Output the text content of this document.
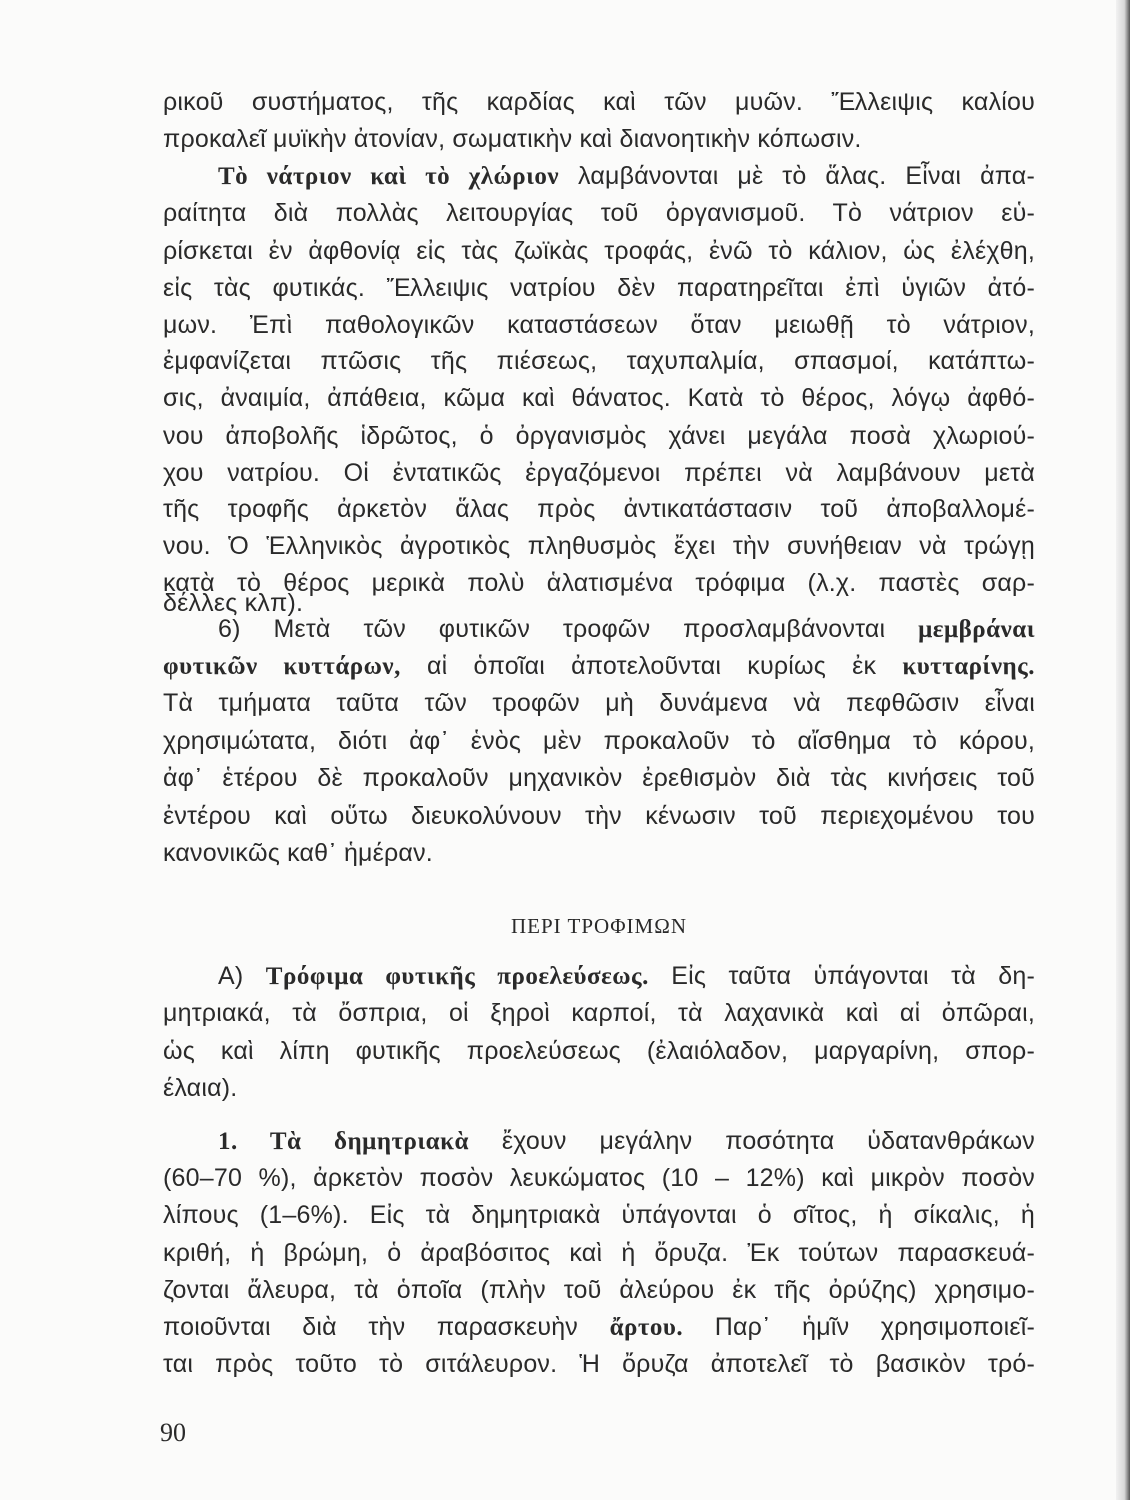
ρικοῦ συστήματος, τῆς καρδίας καὶ τῶν μυῶν. Ἔλλειψις καλίου
προκαλεῖ μυϊκὴν ἀτονίαν, σωματικὴν καὶ διανοητικὴν κόπωσιν.
Τὸ νάτριον καὶ τὸ χλώριον λαμβάνονται μὲ τὸ ἅλας. Εἶναι ἀπα-
ραίτητα διὰ πολλὰς λειτουργίας τοῦ ὀργανισμοῦ. Τὸ νάτριον εὑ-
ρίσκεται ἐν ἀφθονίᾳ εἰς τὰς ζωϊκὰς τροφάς, ἐνῶ τὸ κάλιον, ὡς ἐλέχθη,
εἰς τὰς φυτικάς. Ἔλλειψις νατρίου δὲν παρατηρεῖται ἐπὶ ὑγιῶν ἀτό-
μων. Ἐπὶ παθολογικῶν καταστάσεων ὅταν μειωθῇ τὸ νάτριον,
ἐμφανίζεται πτῶσις τῆς πιέσεως, ταχυπαλμία, σπασμοί, κατάπτω-
σις, ἀναιμία, ἀπάθεια, κῶμα καὶ θάνατος. Κατὰ τὸ θέρος, λόγῳ ἀφθό-
νου ἀποβολῆς ἱδρῶτος, ὁ ὀργανισμὸς χάνει μεγάλα ποσὰ χλωριού-
χου νατρίου. Οἱ ἐντατικῶς ἐργαζόμενοι πρέπει νὰ λαμβάνουν μετὰ
τῆς τροφῆς ἀρκετὸν ἅλας πρὸς ἀντικατάστασιν τοῦ ἀποβαλλομέ-
νου. Ὁ Ἑλληνικὸς ἀγροτικὸς πληθυσμὸς ἔχει τὴν συνήθειαν νὰ τρώγῃ
κατὰ τὸ θέρος μερικὰ πολὺ ἁλατισμένα τρόφιμα (λ.χ. παστὲς σαρ-
δέλλες κλπ).
6) Μετὰ τῶν φυτικῶν τροφῶν προσλαμβάνονται μεμβράναι
φυτικῶν κυττάρων, αἱ ὁποῖαι ἀποτελοῦνται κυρίως ἐκ κυτταρίνης.
Τὰ τμήματα ταῦτα τῶν τροφῶν μὴ δυνάμενα νὰ πεφθῶσιν εἶναι
χρησιμώτατα, διότι ἀφ᾽ ἑνὸς μὲν προκαλοῦν τὸ αἴσθημα τὸ κόρου,
ἀφ᾽ ἑτέρου δὲ προκαλοῦν μηχανικὸν ἐρεθισμὸν διὰ τὰς κινήσεις τοῦ
ἐντέρου καὶ οὕτω διευκολύνουν τὴν κένωσιν τοῦ περιεχομένου του
κανονικῶς καθ᾽ ἡμέραν.
ΠΕΡΙ ΤΡΟΦΙΜΩΝ
Α) Τρόφιμα φυτικῆς προελεύσεως. Εἰς ταῦτα ὑπάγονται τὰ δη-
μητριακά, τὰ ὄσπρια, οἱ ξηροὶ καρποί, τὰ λαχανικὰ καὶ αἱ ὀπῶραι,
ὡς καὶ λίπη φυτικῆς προελεύσεως (ἐλαιόλαδον, μαργαρίνη, σπορ-
έλαια).
1. Τὰ δημητριακὰ ἔχουν μεγάλην ποσότητα ὑδατανθράκων
(60–70 %), ἀρκετὸν ποσὸν λευκώματος (10 – 12%) καὶ μικρὸν ποσὸν
λίπους (1–6%). Εἰς τὰ δημητριακὰ ὑπάγονται ὁ σῖτος, ἡ σίκαλις, ἡ
κριθή, ἡ βρώμη, ὁ ἀραβόσιτος καὶ ἡ ὄρυζα. Ἐκ τούτων παρασκευά-
ζονται ἄλευρα, τὰ ὁποῖα (πλὴν τοῦ ἀλεύρου ἐκ τῆς ὀρύζης) χρησιμο-
ποιοῦνται διὰ τὴν παρασκευὴν ἄρτου. Παρ᾽ ἡμῖν χρησιμοποιεῖ-
ται πρὸς τοῦτο τὸ σιτάλευρον. Ἡ ὄρυζα ἀποτελεῖ τὸ βασικὸν τρό-
90
